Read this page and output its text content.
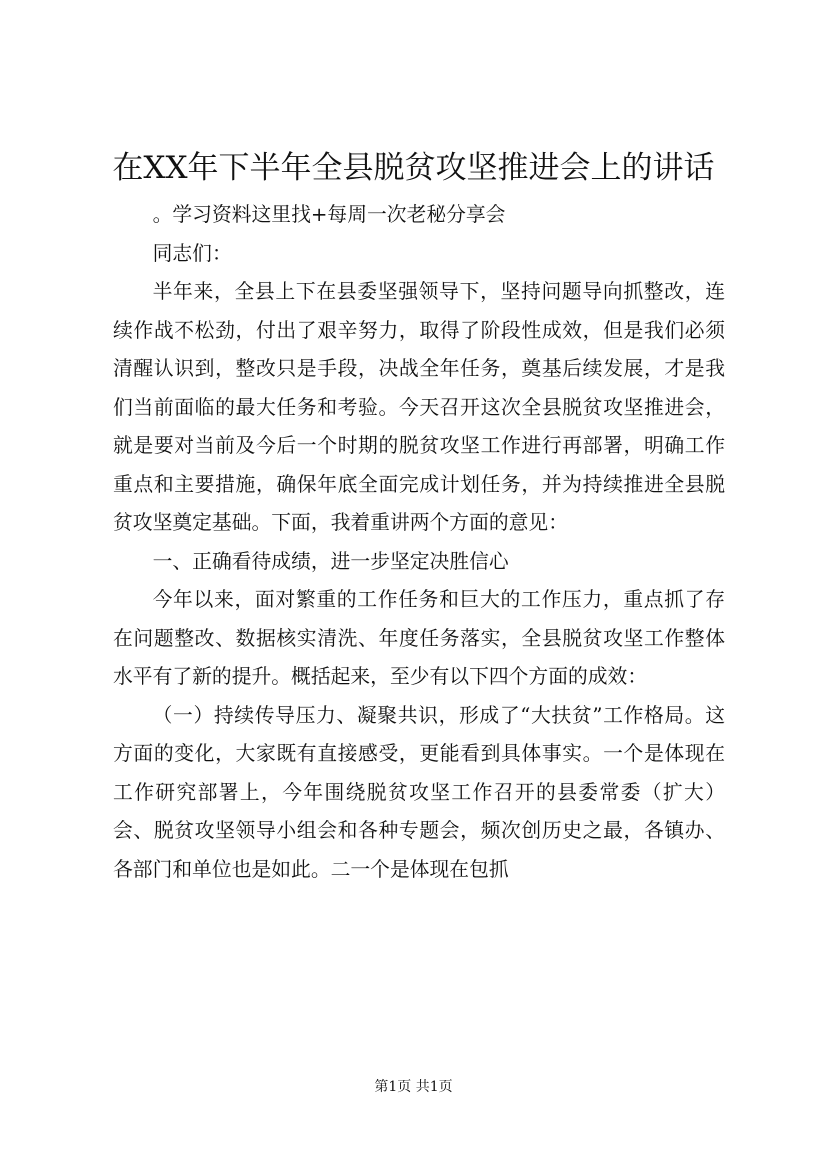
在XX年下半年全县脱贫攻坚推进会上的讲话

。学习资料这里找+每周一次老秘分享会

同志们：

半年来，全县上下在县委坚强领导下，坚持问题导向抓整改，连续作战不松劲，付出了艰辛努力，取得了阶段性成效，但是我们必须清醒认识到，整改只是手段，决战全年任务，奠基后续发展，才是我们当前面临的最大任务和考验。今天召开这次全县脱贫攻坚推进会，就是要对当前及今后一个时期的脱贫攻坚工作进行再部署，明确工作重点和主要措施，确保年底全面完成计划任务，并为持续推进全县脱贫攻坚奠定基础。下面，我着重讲两个方面的意见：

一、正确看待成绩，进一步坚定决胜信心

今年以来，面对繁重的工作任务和巨大的工作压力，重点抓了存在问题整改、数据核实清洗、年度任务落实，全县脱贫攻坚工作整体水平有了新的提升。概括起来，至少有以下四个方面的成效：

（一）持续传导压力、凝聚共识，形成了“大扶贫”工作格局。这方面的变化，大家既有直接感受，更能看到具体事实。一个是体现在工作研究部署上，今年围绕脱贫攻坚工作召开的县委常委（扩大）会、脱贫攻坚领导小组会和各种专题会，频次创历史之最，各镇办、各部门和单位也是如此。二一个是体现在包抓

第1页 共1页
